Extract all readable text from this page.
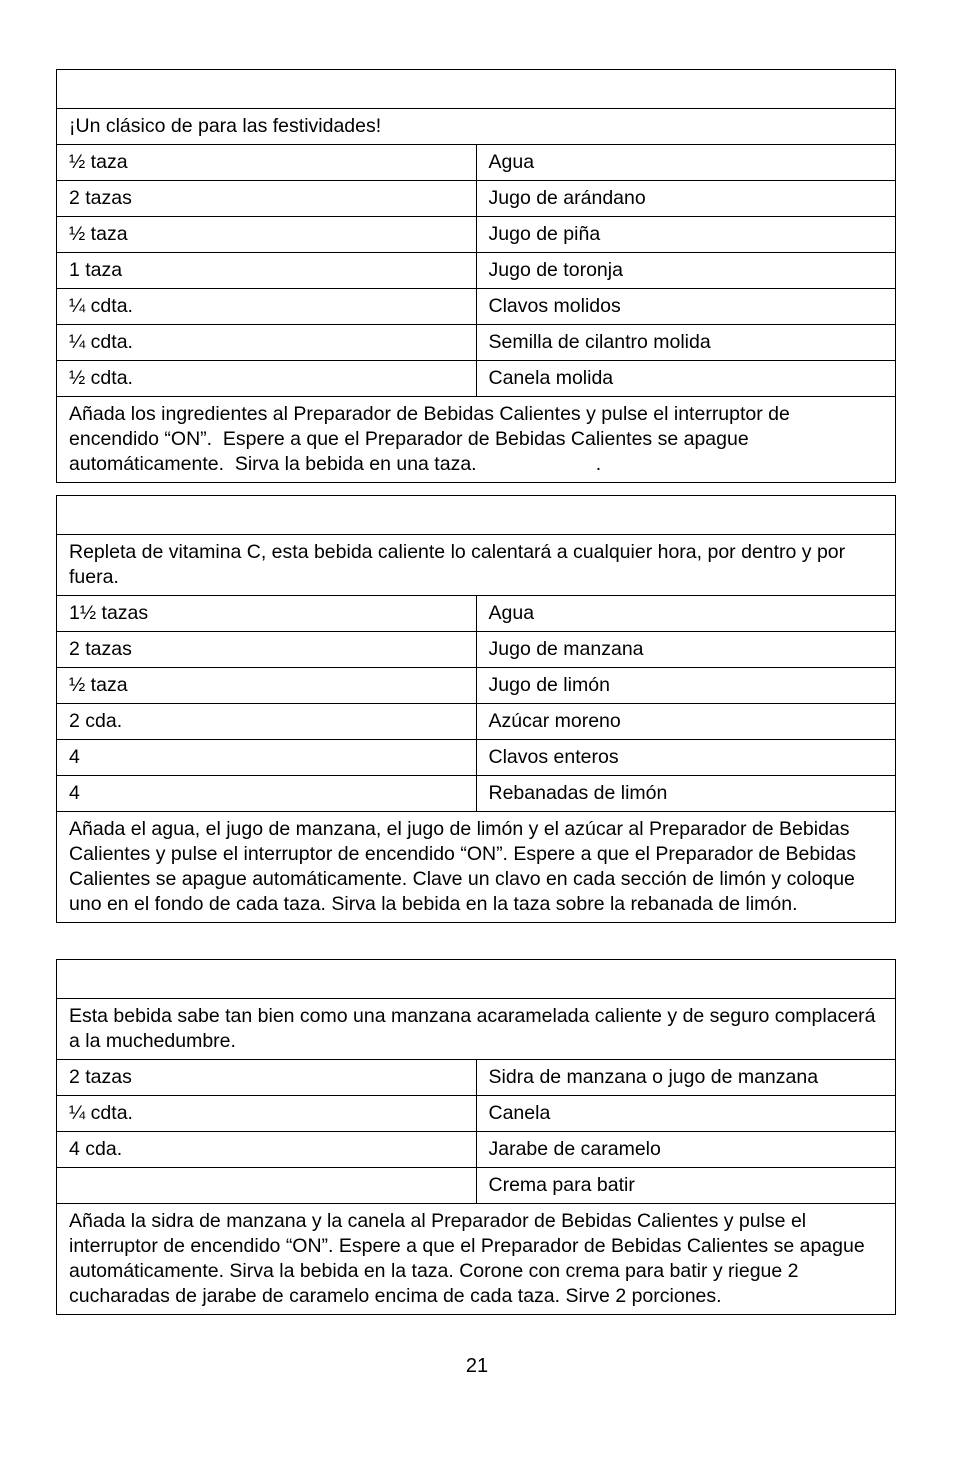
¡Un clásico de para las festividades!	
½ taza	Agua
2 tazas	Jugo de arándano
½ taza	Jugo de piña
1 taza	Jugo de toronja
¼ cdta.	Clavos molidos
¼ cdta.	Semilla de cilantro molida
½ cdta.	Canela molida
Añada los ingredientes al Preparador de Bebidas Calientes y pulse el interruptor de encendido “ON”.  Espere a que el Preparador de Bebidas Calientes se apague automáticamente.  Sirva la bebida en una taza.                      .	

Repleta de vitamina C, esta bebida caliente lo calentará a cualquier hora, por dentro y por fuera.	
1½ tazas	Agua
2 tazas	Jugo de manzana
½ taza	Jugo de limón
2 cda.	Azúcar moreno
4	Clavos enteros
4	Rebanadas de limón
Añada el agua, el jugo de manzana, el jugo de limón y el azúcar al Preparador de Bebidas Calientes y pulse el interruptor de encendido “ON”. Espere a que el Preparador de Bebidas Calientes se apague automáticamente. Clave un clavo en cada sección de limón y coloque uno en el fondo de cada taza. Sirva la bebida en la taza sobre la rebanada de limón.	

Esta bebida sabe tan bien como una manzana acaramelada caliente y de seguro complacerá a la muchedumbre.	
2 tazas	Sidra de manzana o jugo de manzana
¼ cdta.	Canela
4 cda.	Jarabe de caramelo
	Crema para batir
Añada la sidra de manzana y la canela al Preparador de Bebidas Calientes y pulse el interruptor de encendido “ON”. Espere a que el Preparador de Bebidas Calientes se apague automáticamente. Sirva la bebida en la taza. Corone con crema para batir y riegue 2 cucharadas de jarabe de caramelo encima de cada taza. Sirve 2 porciones.	
21
